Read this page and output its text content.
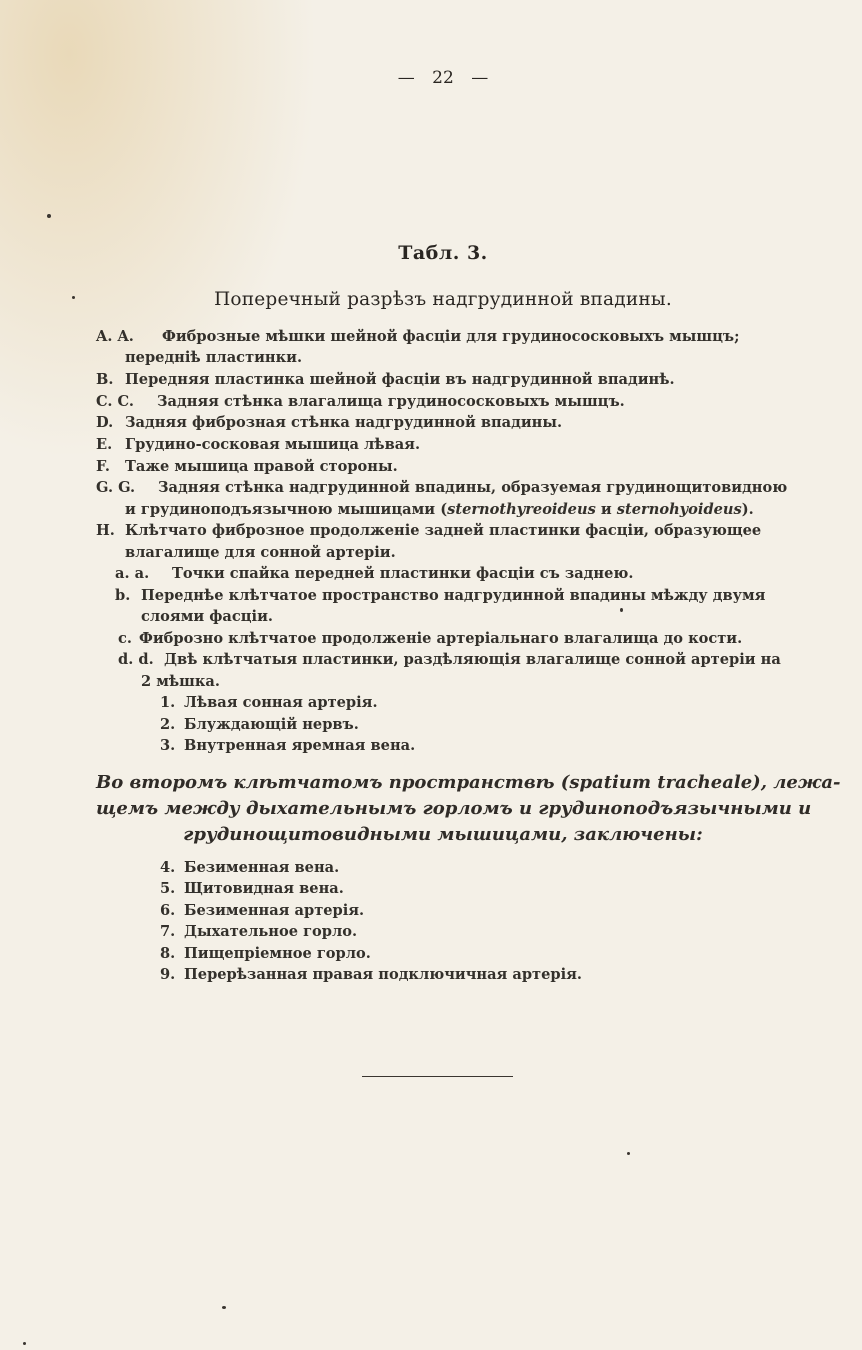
— 22 —
Табл. 3.
Поперечный разрѣзъ надгрудинной впадины.
A. A. Фиброзные мѣшки шейной фасціи для грудинососковыхъ мышцъ;
передніѣ пластинки.
B. Передняя пластинка шейной фасціи въ надгрудинной впадинѣ.
C. C. Задняя стѣнка влагалища грудинососковыхъ мышцъ.
D. Задняя фиброзная стѣнка надгрудинной впадины.
E. Грудино-сосковая мышица лѣвая.
F. Таже мышица правой стороны.
G. G. Задняя стѣнка надгрудинной впадины, образуемая грудинощитовидною
и грудиноподъязычною мышицами (sternothyreoideus и sternohyoideus).
H. Клѣтчато фиброзное продолженіе задней пластинки фасціи, образующее
влагалище для сонной артеріи.
a. a. Точки спайка передней пластинки фасціи съ заднею.
b. Переднѣе клѣтчатое пространство надгрудинной впадины мѣжду двумя
слоями фасціи.
c. Фиброзно клѣтчатое продолженіе артеріальнаго влагалища до кости.
d. d. Двѣ клѣтчатыя пластинки, раздѣляющія влагалище сонной артеріи на
2 мѣшка.
1. Лѣвая сонная артерія.
2. Блуждающій нервъ.
3. Внутренная яремная вена.
Во второмъ клѣтчатомъ пространствѣ (spatium tracheale), лежа-
щемъ между дыхательнымъ горломъ и грудиноподъязычными и
грудинощитовидными мышицами, заключены:
4. Безименная вена.
5. Щитовидная вена.
6. Безименная артерія.
7. Дыхательное горло.
8. Пищепріемное горло.
9. Перерѣзанная правая подключичная артерія.
